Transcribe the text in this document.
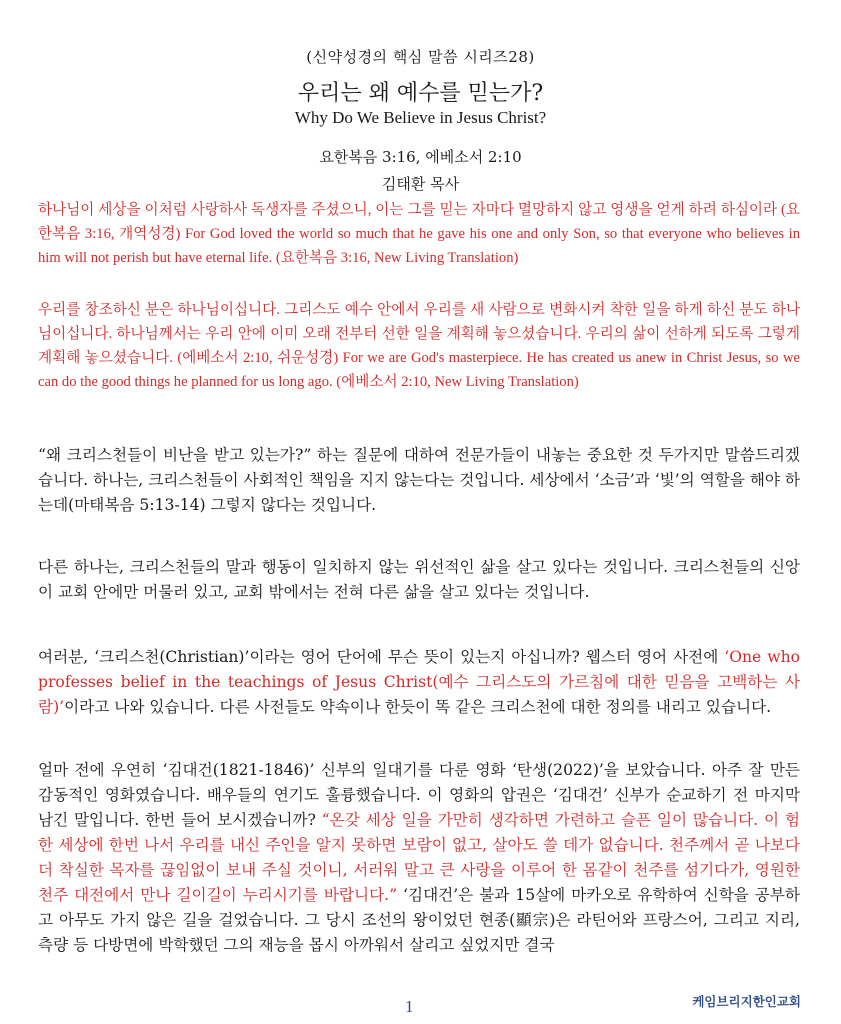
(신약성경의 핵심 말씀 시리즈28)
우리는 왜 예수를 믿는가?
Why Do We Believe in Jesus Christ?
요한복음 3:16, 에베소서 2:10
김태환 목사
하나님이 세상을 이처럼 사랑하사 독생자를 주셨으니, 이는 그를 믿는 자마다 멸망하지 않고 영생을 얻게 하려 하심이라 (요한복음 3:16, 개역성경) For God loved the world so much that he gave his one and only Son, so that everyone who believes in him will not perish but have eternal life. (요한복음 3:16, New Living Translation)
우리를 창조하신 분은 하나님이십니다. 그리스도 예수 안에서 우리를 새 사람으로 변화시켜 착한 일을 하게 하신 분도 하나님이십니다. 하나님께서는 우리 안에 이미 오래 전부터 선한 일을 계획해 놓으셨습니다. 우리의 삶이 선하게 되도록 그렇게 계획해 놓으셨습니다. (에베소서 2:10, 쉬운성경) For we are God's masterpiece. He has created us anew in Christ Jesus, so we can do the good things he planned for us long ago. (에베소서 2:10, New Living Translation)
“왜 크리스천들이 비난을 받고 있는가?” 하는 질문에 대하여 전문가들이 내놓는 중요한 것 두가지만 말씀드리겠습니다. 하나는, 크리스천들이 사회적인 책임을 지지 않는다는 것입니다. 세상에서 ‘소금’과 ‘빛’의 역할을 해야 하는데(마태복음 5:13-14) 그렇지 않다는 것입니다.
다른 하나는, 크리스천들의 말과 행동이 일치하지 않는 위선적인 삶을 살고 있다는 것입니다. 크리스천들의 신앙이 교회 안에만 머물러 있고, 교회 밖에서는 전혀 다른 삶을 살고 있다는 것입니다.
여러분, ‘크리스천(Christian)’이라는 영어 단어에 무슨 뜻이 있는지 아십니까? 웹스터 영어 사전에 ‘One who professes belief in the teachings of Jesus Christ(예수 그리스도의 가르침에 대한 믿음을 고백하는 사람)’이라고 나와 있습니다. 다른 사전들도 약속이나 한듯이 똑 같은 크리스천에 대한 정의를 내리고 있습니다.
얼마 전에 우연히 ‘김대건(1821-1846)’ 신부의 일대기를 다룬 영화 ‘탄생(2022)’을 보았습니다. 아주 잘 만든 감동적인 영화였습니다. 배우들의 연기도 훌륭했습니다. 이 영화의 압권은 ‘김대건’ 신부가 순교하기 전 마지막 남긴 말입니다. 한번 들어 보시겠습니까? “온갖 세상 일을 가만히 생각하면 가련하고 슬픈 일이 많습니다. 이 험한 세상에 한번 나서 우리를 내신 주인을 알지 못하면 보람이 없고, 살아도 쓸 데가 없습니다. 천주께서 곧 나보다 더 착실한 목자를 끊임없이 보내 주실 것이니, 서러워 말고 큰 사랑을 이루어 한 몸같이 천주를 섬기다가, 영원한 천주 대전에서 만나 길이길이 누리시기를 바랍니다.” ‘김대건’은 불과 15살에 마카오로 유학하여 신학을 공부하고 아무도 가지 않은 길을 걸었습니다. 그 당시 조선의 왕이었던 현종(顯宗)은 라틴어와 프랑스어, 그리고 지리, 측량 등 다방면에 박학했던 그의 재능을 몹시 아까워서 살리고 싶었지만 결국
1	케임브리지한인교회
